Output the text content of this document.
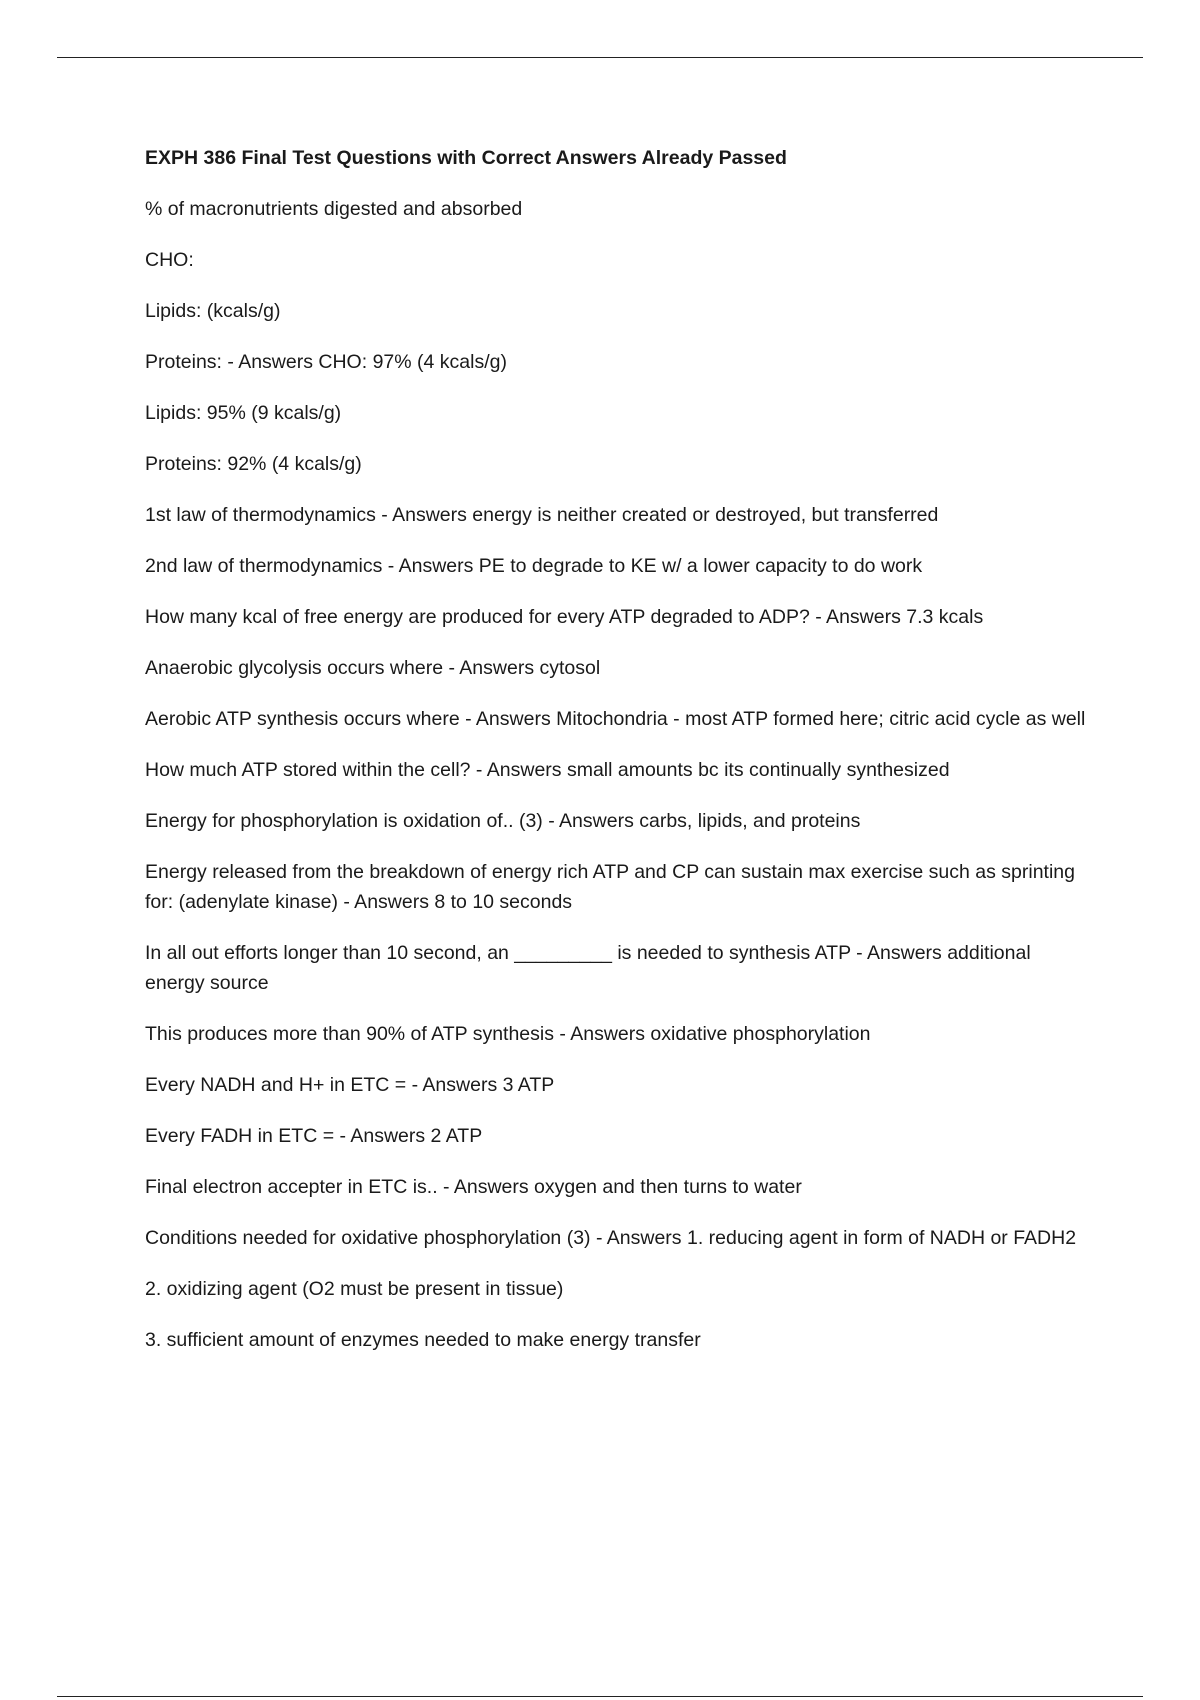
EXPH 386 Final Test Questions with Correct Answers Already Passed

% of macronutrients digested and absorbed

CHO:

Lipids: (kcals/g)

Proteins: - Answers CHO: 97% (4 kcals/g)

Lipids: 95% (9 kcals/g)

Proteins: 92% (4 kcals/g)

1st law of thermodynamics - Answers energy is neither created or destroyed, but transferred

2nd law of thermodynamics - Answers PE to degrade to KE w/ a lower capacity to do work

How many kcal of free energy are produced for every ATP degraded to ADP? - Answers 7.3 kcals

Anaerobic glycolysis occurs where - Answers cytosol

Aerobic ATP synthesis occurs where - Answers Mitochondria - most ATP formed here; citric acid cycle as well

How much ATP stored within the cell? - Answers small amounts bc its continually synthesized

Energy for phosphorylation is oxidation of.. (3) - Answers carbs, lipids, and proteins

Energy released from the breakdown of energy rich ATP and CP can sustain max exercise such as sprinting for: (adenylate kinase) - Answers 8 to 10 seconds

In all out efforts longer than 10 second, an _________ is needed to synthesis ATP - Answers additional energy source

This produces more than 90% of ATP synthesis - Answers oxidative phosphorylation

Every NADH and H+ in ETC = - Answers 3 ATP

Every FADH in ETC = - Answers 2 ATP

Final electron accepter in ETC is.. - Answers oxygen and then turns to water

Conditions needed for oxidative phosphorylation (3) - Answers 1. reducing agent in form of NADH or FADH2

2. oxidizing agent (O2 must be present in tissue)

3. sufficient amount of enzymes needed to make energy transfer
